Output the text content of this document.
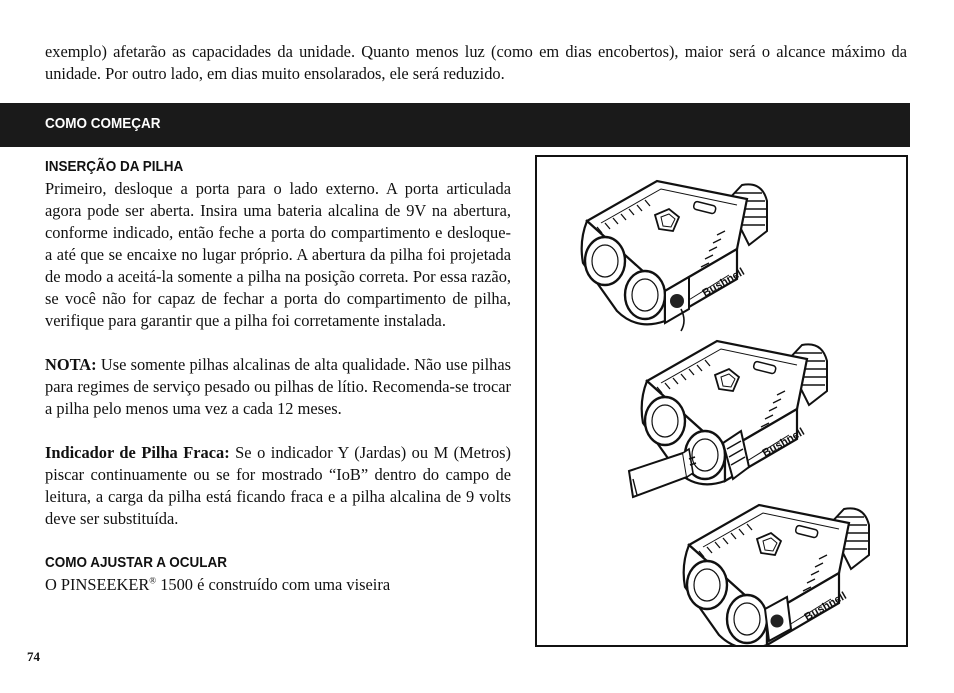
exemplo) afetarão as capacidades da unidade. Quanto menos luz (como em dias encobertos), maior será o alcance máximo da unidade. Por outro lado, em dias muito ensolarados, ele será reduzido.

COMO COMEÇAR
INSERÇÃO DA PILHA

Primeiro, desloque a porta para o lado externo. A porta articulada agora pode ser aberta. Insira uma bateria alcalina de 9V na abertura, conforme indicado, então feche a porta do compartimento e desloque-a até que se encaixe no lugar próprio. A abertura da pilha foi projetada de modo a aceitá-la somente a pilha na posição correta. Por essa razão, se você não for capaz de fechar a porta do compartimento de pilha, verifique para garantir que a pilha foi corretamente instalada.

NOTA: Use somente pilhas alcalinas de alta qualidade. Não use pilhas para regimes de serviço pesado ou pilhas de lítio. Recomenda-se trocar a pilha pelo menos uma vez a cada 12 meses.

Indicador de Pilha Fraca: Se o indicador Y (Jardas) ou M (Metros) piscar continuamente ou se for mostrado “IoB” dentro do campo de leitura, a carga da pilha está ficando fraca e a pilha alcalina de 9 volts deve ser substituída.

COMO AJUSTAR A OCULAR

O PINSEEKER® 1500 é construído com uma viseira

Bushnell
Bushnell
Bushnell
74
